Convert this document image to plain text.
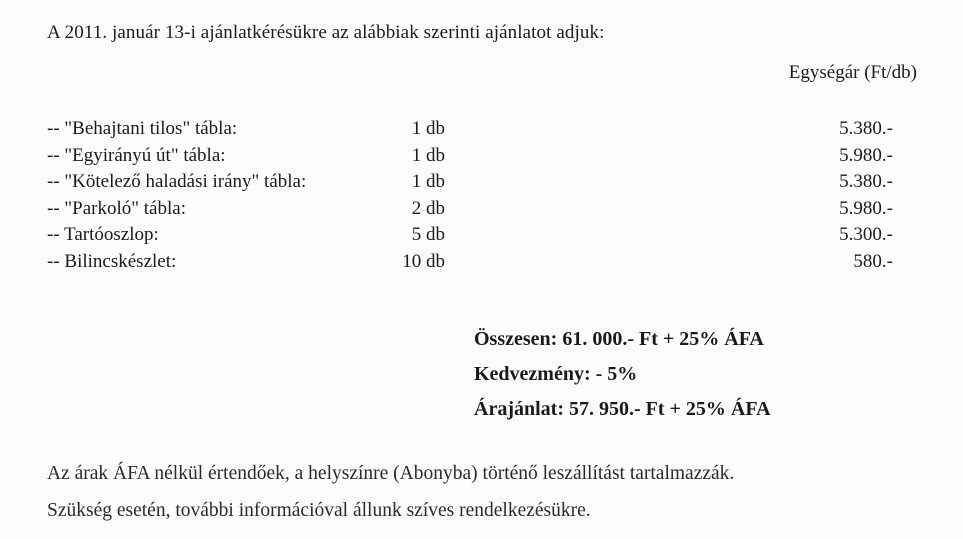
A 2011. január 13-i ajánlatkérésükre az alábbiak szerinti ajánlatot adjuk:
Egységár (Ft/db)
-- "Behajtani tilos" tábla:	1 db	5.380.-
-- "Egyirányú út" tábla:	1 db	5.980.-
-- "Kötelező haladási irány" tábla:	1 db	5.380.-
-- "Parkoló" tábla:	2 db	5.980.-
-- Tartóoszlop:	5 db	5.300.-
-- Bilincskészlet:	10 db	580.-
Összesen: 61. 000.- Ft + 25% ÁFA
Kedvezmény: - 5%
Árajánlat: 57. 950.- Ft + 25% ÁFA
Az árak ÁFA nélkül értendőek, a helyszínre (Abonyba) történő leszállítást tartalmazzák.
Szükség esetén, további információval állunk szíves rendelkezésükre.
